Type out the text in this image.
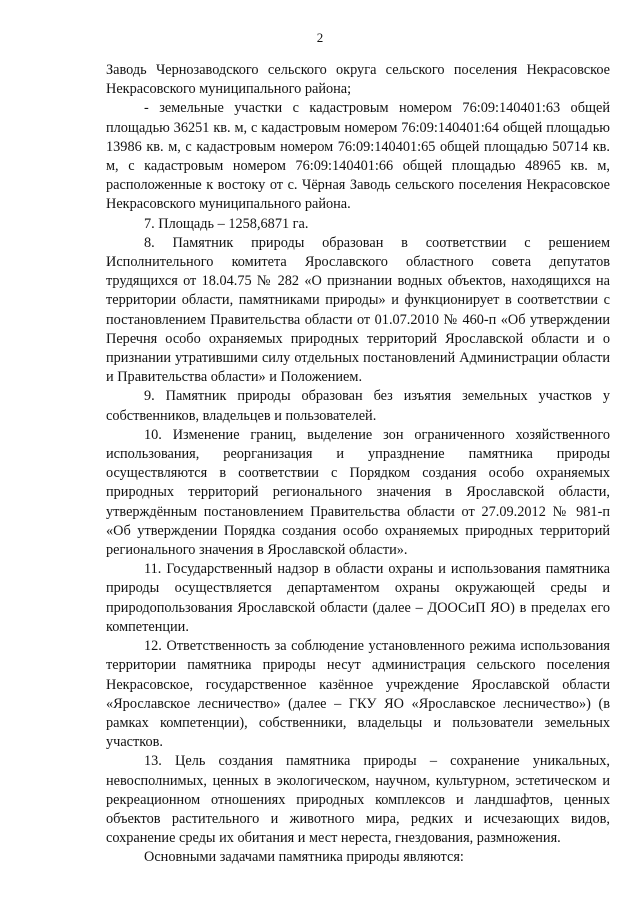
2

Заводь Чернозаводского сельского округа сельского поселения Некрасовское Некрасовского муниципального района;

- земельные участки с кадастровым номером 76:09:140401:63 общей площадью 36251 кв. м, с кадастровым номером 76:09:140401:64 общей площадью 13986 кв. м, с кадастровым номером 76:09:140401:65 общей площадью 50714 кв. м, с кадастровым номером 76:09:140401:66 общей площадью 48965 кв. м, расположенные к востоку от с. Чёрная Заводь сельского поселения Некрасовское Некрасовского муниципального района.

7. Площадь – 1258,6871 га.

8. Памятник природы образован в соответствии с решением Исполнительного комитета Ярославского областного совета депутатов трудящихся от 18.04.75 № 282 «О признании водных объектов, находящихся на территории области, памятниками природы» и функционирует в соответствии с постановлением Правительства области от 01.07.2010 № 460-п «Об утверждении Перечня особо охраняемых природных территорий Ярославской области и о признании утратившими силу отдельных постановлений Администрации области и Правительства области» и Положением.

9. Памятник природы образован без изъятия земельных участков у собственников, владельцев и пользователей.

10. Изменение границ, выделение зон ограниченного хозяйственного использования, реорганизация и упразднение памятника природы осуществляются в соответствии с Порядком создания особо охраняемых природных территорий регионального значения в Ярославской области, утверждённым постановлением Правительства области от 27.09.2012 № 981-п «Об утверждении Порядка создания особо охраняемых природных территорий регионального значения в Ярославской области».

11. Государственный надзор в области охраны и использования памятника природы осуществляется департаментом охраны окружающей среды и природопользования Ярославской области (далее – ДООСиП ЯО) в пределах его компетенции.

12. Ответственность за соблюдение установленного режима использования территории памятника природы несут администрация сельского поселения Некрасовское, государственное казённое учреждение Ярославской области «Ярославское лесничество» (далее – ГКУ ЯО «Ярославское лесничество») (в рамках компетенции), собственники, владельцы и пользователи земельных участков.

13. Цель создания памятника природы – сохранение уникальных, невосполнимых, ценных в экологическом, научном, культурном, эстетическом и рекреационном отношениях природных комплексов и ландшафтов, ценных объектов растительного и животного мира, редких и исчезающих видов, сохранение среды их обитания и мест нереста, гнездования, размножения.

Основными задачами памятника природы являются:
